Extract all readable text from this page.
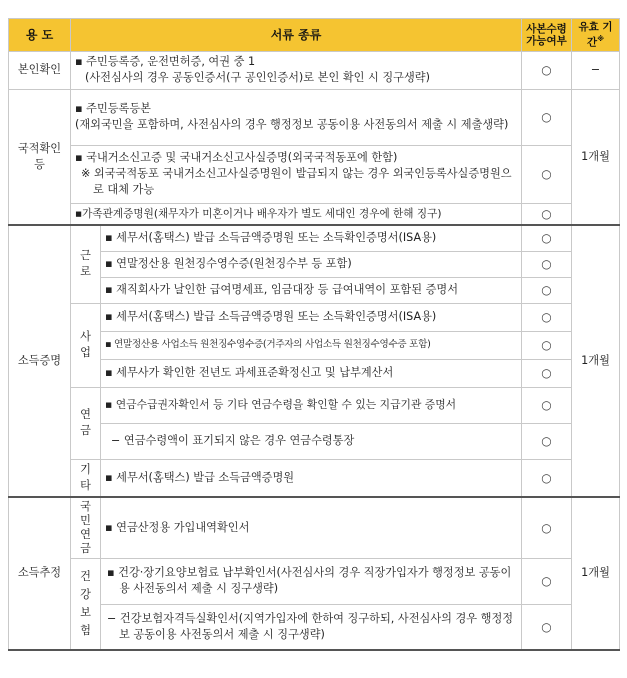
용 도	서류 종류		사본수령 가능여부	유효 기간※
본인확인	▪ 주민등록증, 운전면허증, 여권 중 1
(사전심사의 경우 공동인증서(구 공인인증서)로 본인 확인 시 징구생략)		○	−
국적확인 등	▪ 주민등록등본
(재외국민을 포함하며, 사전심사의 경우 행정정보 공동이용 사전동의서 제출 시 제출생략)		○	1개월

	▪ 국내거소신고증 및 국내거소신고사실증명(외국국적동포에 한함)
※ 외국국적동포 국내거소신고사실증명원이 발급되지 않는 경우 외국인등록사실증명원으로 대체 가능		○	
	▪가족관계증명원(채무자가 미혼이거나 배우자가 별도 세대인 경우에 한해 징구)		○	
소득증명	근로	▪ 세무서(홈택스) 발급 소득금액증명원 또는 소득확인증명서(ISA용)	○	1개월
		▪ 연말정산용 원천징수영수증(원천징수부 등 포함)	○	
		▪ 재직회사가 날인한 급여명세표, 임금대장 등 급여내역이 포함된 증명서	○	
	사업	▪ 세무서(홈택스) 발급 소득금액증명원 또는 소득확인증명서(ISA용)	○	
		▪ 연말정산용 사업소득 원천징수영수증(거주자의 사업소득 원천징수영수증 포함)	○	
		▪ 세무사가 확인한 전년도 과세표준확정신고 및 납부계산서	○	
	연금	▪ 연금수급권자확인서 등 기타 연금수령을 확인할 수 있는 지급기관 증명서	○	
		− 연금수령액이 표기되지 않은 경우 연금수령통장	○	
	기타	▪ 세무서(홈택스) 발급 소득금액증명원	○	
소득추정	국민연금	▪ 연금산정용 가입내역확인서	○	1개월
	건강보험	▪ 건강·장기요양보험료 납부확인서(사전심사의 경우 직장가입자가 행정정보 공동이용 사전동의서 제출 시 징구생략)	○	
		− 건강보험자격득실확인서(지역가입자에 한하여 징구하되, 사전심사의 경우 행정정보 공동이용 사전동의서 제출 시 징구생략)	○	
